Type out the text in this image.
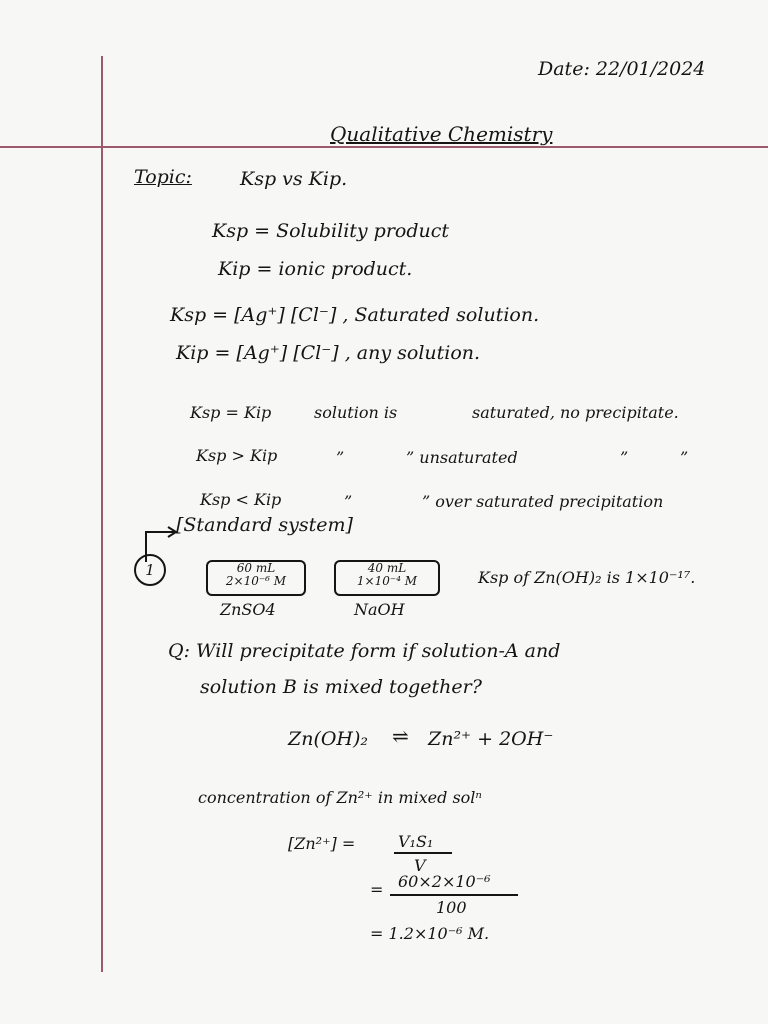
Date: 22/01/2024
Qualitative Chemistry
Topic:	Ksp vs Kip.
Ksp = Solubility product
Kip = ionic product.
Ksp = [Ag⁺] [Cl⁻] , Saturated solution.
Kip = [Ag⁺] [Cl⁻] , any solution.
Ksp = Kip	solution is	saturated, no precipitate.
Ksp > Kip	”	” unsaturated	”	”
Ksp < Kip	”	” over saturated precipitation
[Standard system]
1	60 mL
2×10⁻⁶ M
ZnSO4
40 mL
1×10⁻⁴ M
NaOH
Ksp of Zn(OH)₂ is 1×10⁻¹⁷.
Q: Will precipitate form if solution-A and
solution B is mixed together?
Zn(OH)₂ ⇌ Zn²⁺ + 2OH⁻
concentration of Zn²⁺ in mixed solⁿ
[Zn²⁺] =	V₁S₁
V
= 60×2×10⁻⁶
100
= 1.2×10⁻⁶ M.
